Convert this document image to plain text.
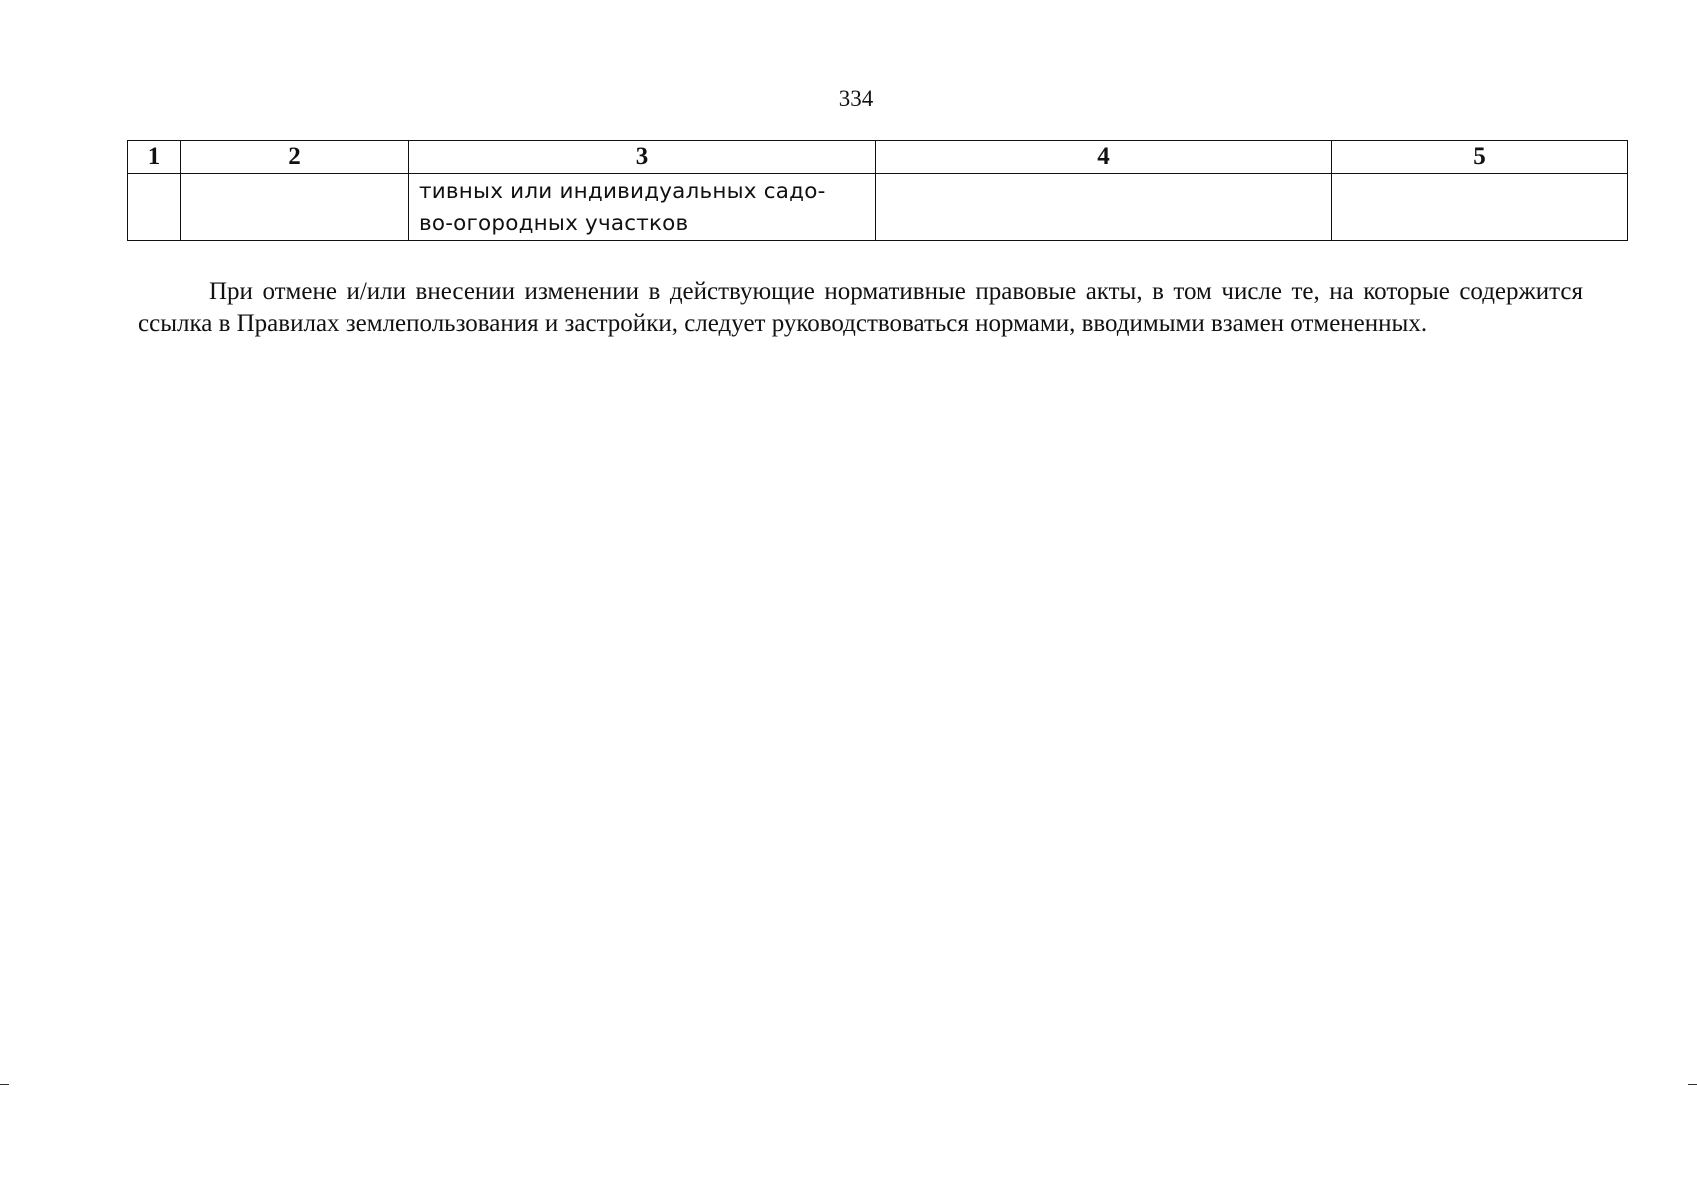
334
1	2	3	4	5

		тивных или индивидуальных садо-
во-огородных участков		

При отмене и/или внесении изменении в действующие нормативные правовые акты, в том числе те, на которые содержится ссылка в Правилах землепользования и застройки, следует руководствоваться нормами, вводимыми взамен отмененных.
